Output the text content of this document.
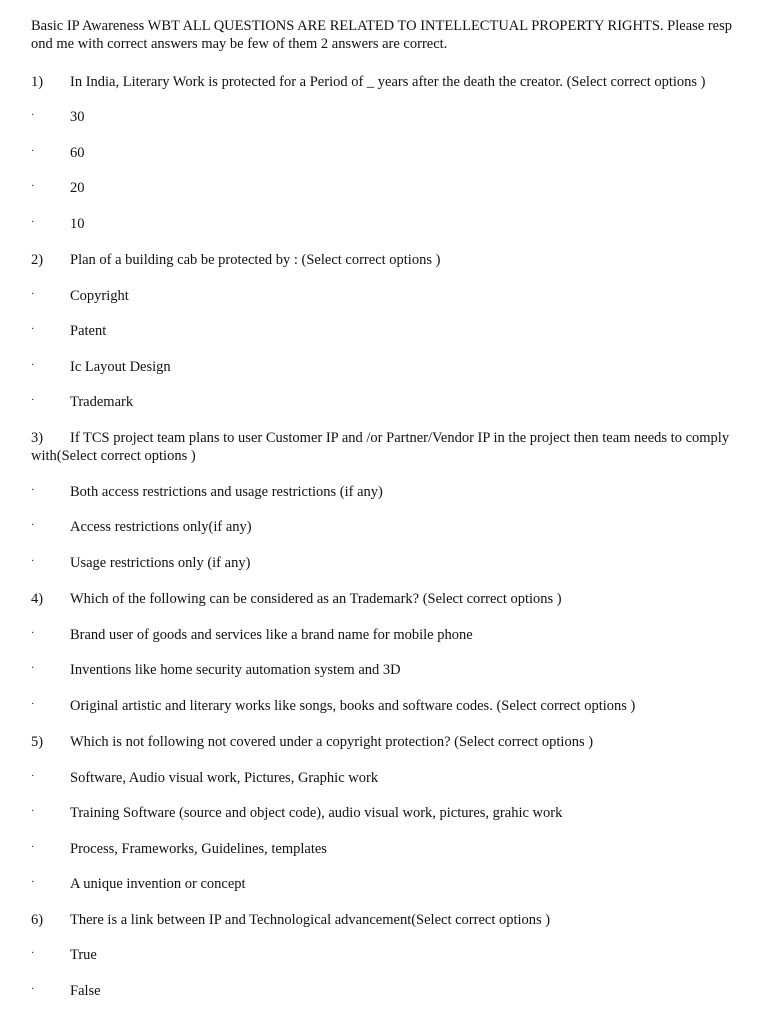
Basic IP Awareness WBT ALL QUESTIONS ARE RELATED TO INTELLECTUAL PROPERTY RIGHTS. Please respond me with correct answers may be few of them 2 answers are correct.
1) In India, Literary Work is protected for a Period of _ years after the death the creator. (Select correct options )
· 30
· 60
· 20
· 10
2) Plan of a building cab be protected by : (Select correct options )
· Copyright
· Patent
· Ic Layout Design
· Trademark
3) If TCS project team plans to user Customer IP and /or Partner/Vendor IP in the project then team needs to comply with(Select correct options )
· Both access restrictions and usage restrictions (if any)
· Access restrictions only(if any)
· Usage restrictions only (if any)
4) Which of the following can be considered as an Trademark? (Select correct options )
· Brand user of goods and services like a brand name for mobile phone
· Inventions like home security automation system and 3D
· Original artistic and literary works like songs, books and software codes. (Select correct options )
5) Which is not following not covered under a copyright protection? (Select correct options )
· Software, Audio visual work, Pictures, Graphic work
· Training Software (source and object code), audio visual work, pictures, grahic work
· Process, Frameworks, Guidelines, templates
· A unique invention or concept
6) There is a link between IP and Technological advancement(Select correct options )
· True
· False
